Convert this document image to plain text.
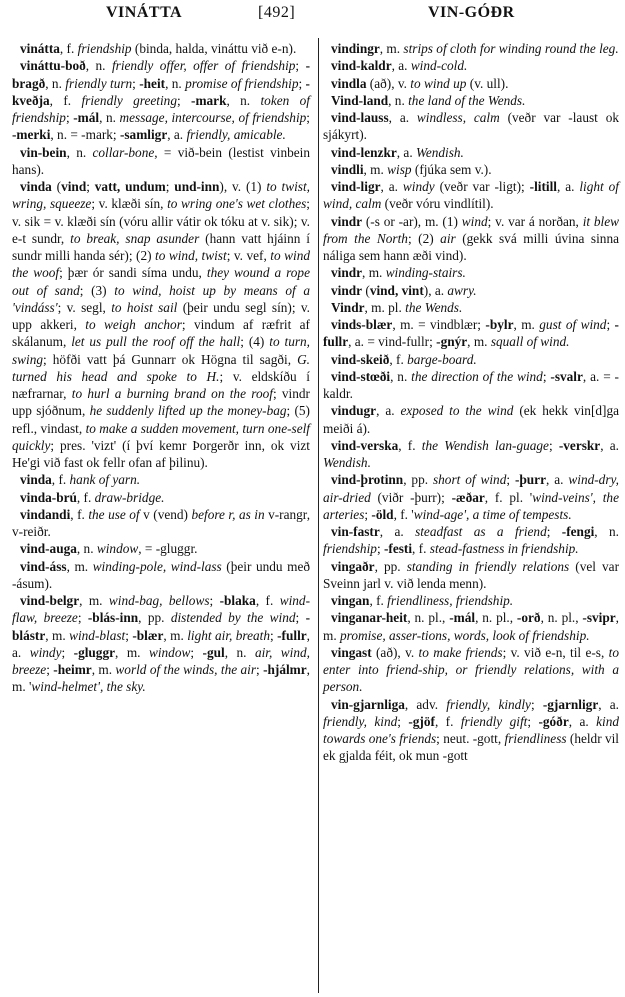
VINÁTTA	[492]	VIN-GÓÐR
vinátta, f. friendship (binda, halda, vináttu við e-n).
vináttu-boð, n. friendly offer, offer of friendship; -bragð, n. friendly turn; -heit, n. promise of friendship; -kveðja, f. friendly greeting; -mark, n. token of friendship; -mál, n. message, intercourse, of friendship; -merki, n. = -mark; -samligr, a. friendly, amicable.
vin-bein, n. collar-bone, = við-bein (lestist vinbein hans).
vinda (vind; vatt, undum; und-inn), v. (1) to twist, wring, squeeze; v. klæði sín, to wring one's wet clothes; v. sik = v. klæði sín (vóru allir vátir ok tóku at v. sik); v. e-t sundr, to break, snap asunder (hann vatt hjáinn í sundr milli handa sér); (2) to wind, twist; v. vef, to wind the woof; þær ór sandi síma undu, they wound a rope out of sand; (3) to wind, hoist up by means of a 'vindáss'; v. segl, to hoist sail (þeir undu segl sín); v. upp akkeri, to weigh anchor; vindum af ræfrit af skálanum, let us pull the roof off the hall; (4) to turn, swing; höfði vatt þá Gunnarr ok Högna til sagði, G. turned his head and spoke to H.; v. eldskíðu í næfrarnar, to hurl a burning brand on the roof; vindr upp sjóðnum, he suddenly lifted up the money-bag; (5) refl., vindast, to make a sudden movement, turn one-self quickly; pres. 'vizt' (í því kemr Þorgerðr inn, ok vizt He'gi við fast ok fellr ofan af þilinu).
vinda, f. hank of yarn.
vinda-brú, f. draw-bridge.
vindandi, f. the use of v (vend) before r, as in v-rangr, v-reiðr.
vind-auga, n. window, = -gluggr.
vind-áss, m. winding-pole, wind-lass (þeir undu með -ásum).
vind-belgr, m. wind-bag, bellows; -blaka, f. wind-flaw, breeze; -blás-inn, pp. distended by the wind; -blástr, m. wind-blast; -blær, m. light air, breath; -fullr, a. windy; -gluggr, m. window; -gul, n. air, wind, breeze; -heimr, m. world of the winds, the air; -hjálmr, m. 'wind-helmet', the sky.
vindingr, m. strips of cloth for winding round the leg.
vind-kaldr, a. wind-cold.
vindla (að), v. to wind up (v. ull).
Vind-land, n. the land of the Wends.
vind-lauss, a. windless, calm (veðr var -laust ok sjákyrt).
vind-lenzkr, a. Wendish.
vindli, m. wisp (fjúka sem v.).
vind-ligr, a. windy (veðr var -ligt); -litill, a. light of wind, calm (veðr vóru vindlítil).
vindr (-s or -ar), m. (1) wind; v. var á norðan, it blew from the North; (2) air (gekk svá milli úvina sinna náliga sem hann æði vind).
vindr, m. winding-stairs.
vindr (vind, vint), a. awry.
Vindr, m. pl. the Wends.
vinds-blær, m. = vindblær; -bylr, m. gust of wind; -fullr, a. = vind-fullr; -gnýr, m. squall of wind.
vind-skeið, f. barge-board.
vind-stœði, n. the direction of the wind; -svalr, a. = -kaldr.
vindugr, a. exposed to the wind (ek hekk vin[d]ga meiði á).
vind-verska, f. the Wendish lan-guage; -verskr, a. Wendish.
vind-þrotinn, pp. short of wind; -þurr, a. wind-dry, air-dried (viðr -þurr); -æðar, f. pl. 'wind-veins', the arteries; -öld, f. 'wind-age', a time of tempests.
vin-fastr, a. steadfast as a friend; -fengi, n. friendship; -festi, f. stead-fastness in friendship.
vingaðr, pp. standing in friendly relations (vel var Sveinn jarl v. við lenda menn).
vingan, f. friendliness, friendship.
vinganar-heit, n. pl., -mál, n. pl., -orð, n. pl., -svipr, m. promise, asser-tions, words, look of friendship.
vingast (að), v. to make friends; v. við e-n, til e-s, to enter into friend-ship, or friendly relations, with a person.
vin-gjarnliga, adv. friendly, kindly; -gjarnligr, a. friendly, kind; -gjöf, f. friendly gift; -góðr, a. kind towards one's friends; neut. -gott, friendliness (heldr vil ek gjalda féit, ok mun -gott
